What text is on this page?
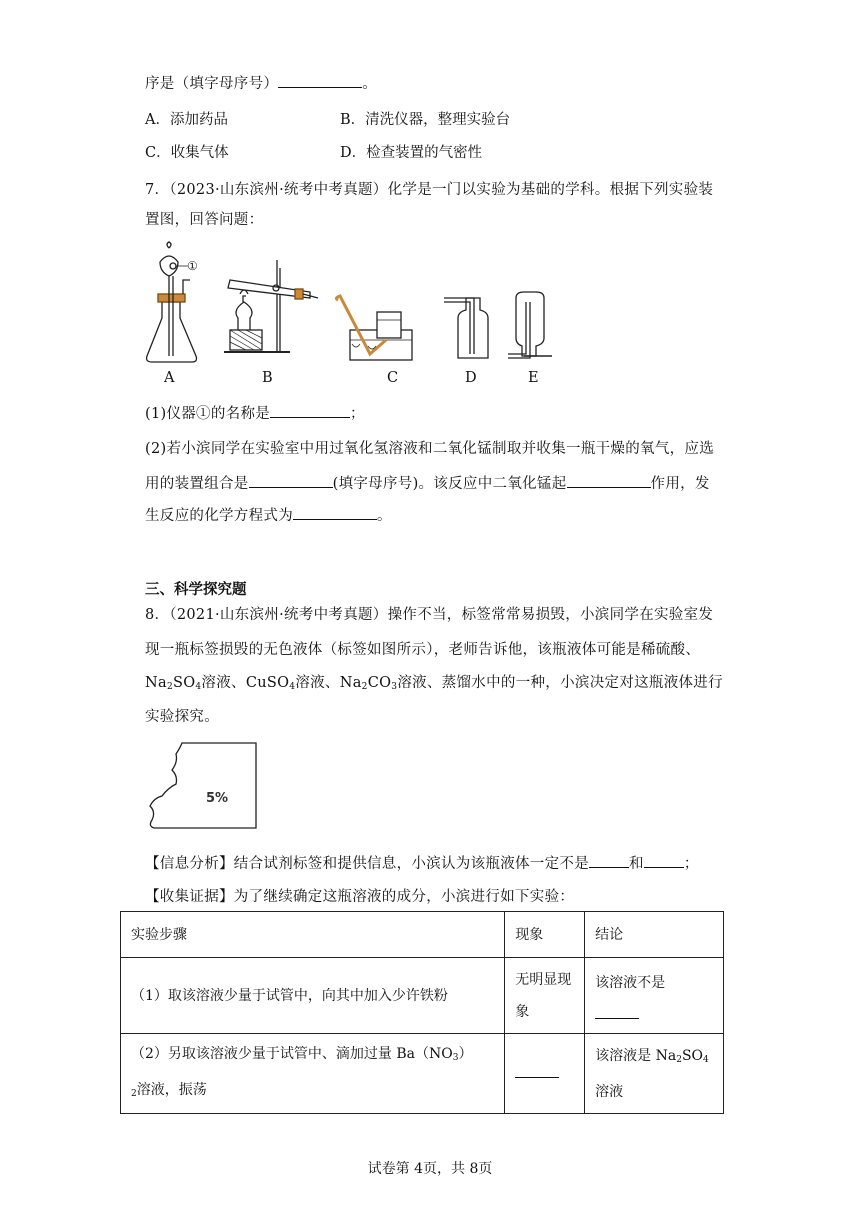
序是（填字母序号）	。
A．添加药品	B．清洗仪器，整理实验台
C．收集气体	D．检查装置的气密性
7．（2023·山东滨州·统考中考真题）化学是一门以实验为基础的学科。根据下列实验装
置图，回答问题：
①
A	B	C	D	E
(1)仪器①的名称是	；
(2)若小滨同学在实验室中用过氧化氢溶液和二氧化锰制取并收集一瓶干燥的氧气，应选
用的装置组合是	(填字母序号)。该反应中二氧化锰起	作用，发
生反应的化学方程式为	。
三、科学探究题
8．（2021·山东滨州·统考中考真题）操作不当，标签常常易损毁，小滨同学在实验室发
现一瓶标签损毁的无色液体（标签如图所示），老师告诉他，该瓶液体可能是稀硫酸、
$Na_2SO_4$溶液、CuSO$_4$溶液、$Na_2CO_3$溶液、蒸馏水中的一种，小滨决定对这瓶液体进行
实验探究。
5%
【信息分析】结合试剂标签和提供信息，小滨认为该瓶液体一定不是	和	；
【收集证据】为了继续确定这瓶溶液的成分，小滨进行如下实验：
实验步骤	现象	结论
（1）取该溶液少量于试管中，向其中加入少许铁粉	无明显现象	该溶液不是

（2）另取该溶液少量于试管中、滴加过量 $Ba(NO_3)$
$_2$溶液，振荡		该溶液是 $Na_2SO_4$
溶液
试卷第 4页，共 8页
